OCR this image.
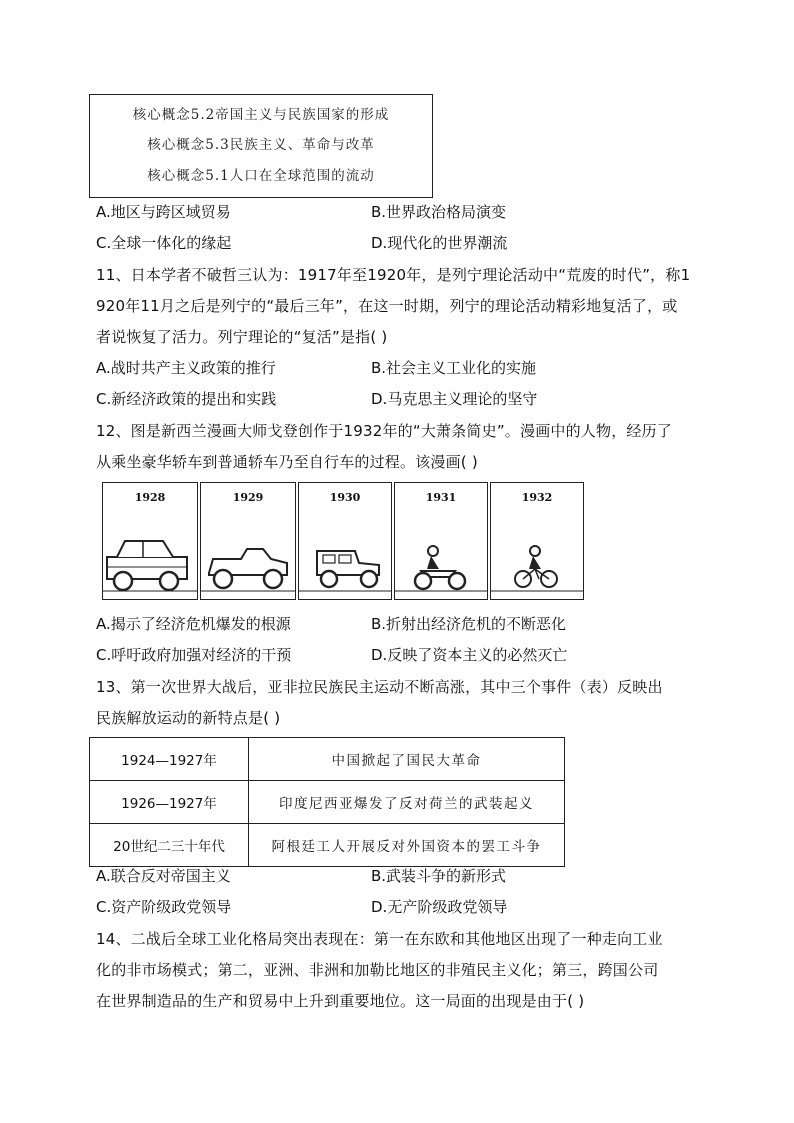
核心概念5.2帝国主义与民族国家的形成
核心概念5.3民族主义、革命与改革
核心概念5.1人口在全球范围的流动
A.地区与跨区域贸易	B.世界政治格局演变
C.全球一体化的缘起	D.现代化的世界潮流
11、日本学者不破哲三认为：1917年至1920年，是列宁理论活动中“荒废的时代”，称1
920年11月之后是列宁的“最后三年”，在这一时期，列宁的理论活动精彩地复活了，或
者说恢复了活力。列宁理论的“复活”是指( )
A.战时共产主义政策的推行	B.社会主义工业化的实施
C.新经济政策的提出和实践	D.马克思主义理论的坚守
12、图是新西兰漫画大师戈登创作于1932年的“大萧条简史”。漫画中的人物，经历了
从乘坐豪华轿车到普通轿车乃至自行车的过程。该漫画( )
1928	1929	1930	1931	1932
A.揭示了经济危机爆发的根源	B.折射出经济危机的不断恶化
C.呼吁政府加强对经济的干预	D.反映了资本主义的必然灭亡
13、第一次世界大战后，亚非拉民族民主运动不断高涨，其中三个事件（表）反映出
民族解放运动的新特点是( )
1924—1927年	中国掀起了国民大革命
1926—1927年	印度尼西亚爆发了反对荷兰的武装起义
20世纪二三十年代	阿根廷工人开展反对外国资本的罢工斗争
A.联合反对帝国主义	B.武装斗争的新形式
C.资产阶级政党领导	D.无产阶级政党领导
14、二战后全球工业化格局突出表现在：第一在东欧和其他地区出现了一种走向工业
化的非市场模式；第二，亚洲、非洲和加勒比地区的非殖民主义化；第三，跨国公司
在世界制造品的生产和贸易中上升到重要地位。这一局面的出现是由于( )
